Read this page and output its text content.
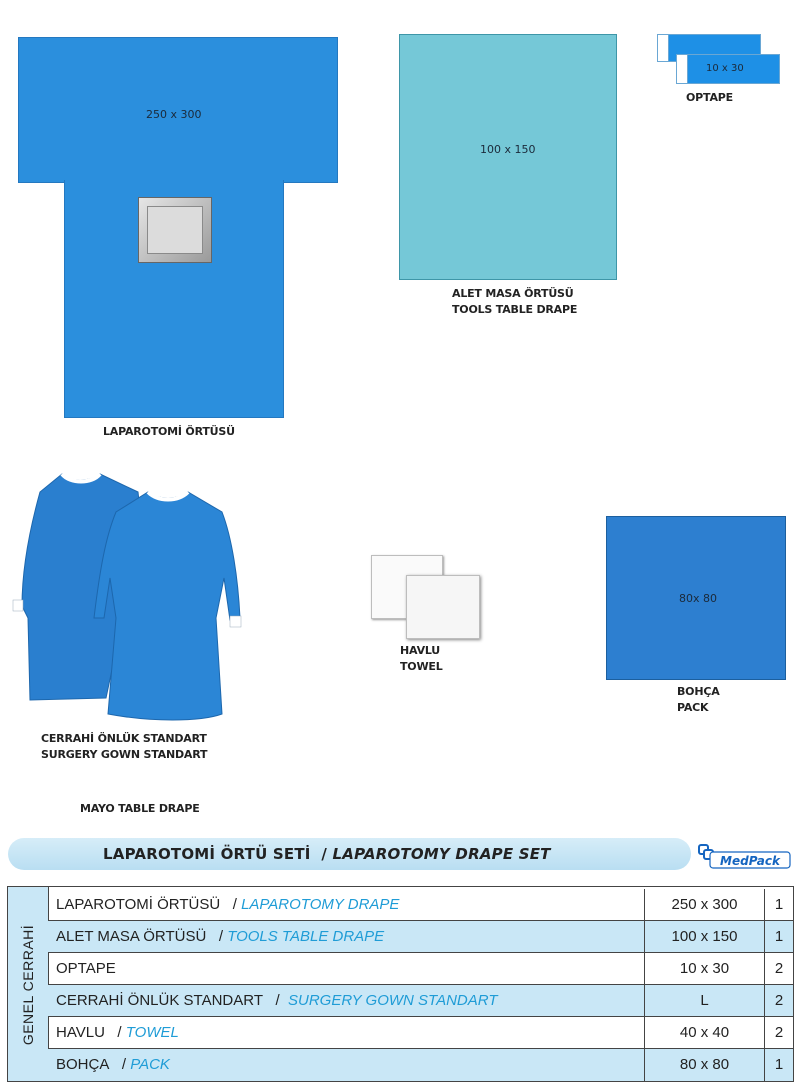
250 x 300
LAPAROTOMİ ÖRTÜSÜ
100 x 150
ALET MASA ÖRTÜSÜ
TOOLS TABLE DRAPE
10 x 30
OPTAPE
CERRAHİ ÖNLÜK STANDART
SURGERY GOWN STANDART
HAVLU
TOWEL
80x 80
BOHÇA
PACK
MAYO TABLE DRAPE
LAPAROTOMİ ÖRTÜ SETİ / LAPAROTOMY DRAPE SET	MedPack
GENEL CERRAHİ
LAPAROTOMİ ÖRTÜSÜ / LAPAROTOMY DRAPE	250 x 300	1
ALET MASA ÖRTÜSÜ / TOOLS TABLE DRAPE	100 x 150	1
OPTAPE	10 x 30	2
CERRAHİ ÖNLÜK STANDART / SURGERY GOWN STANDART	L	2
HAVLU / TOWEL	40 x 40	2
BOHÇA / PACK	80 x 80	1
